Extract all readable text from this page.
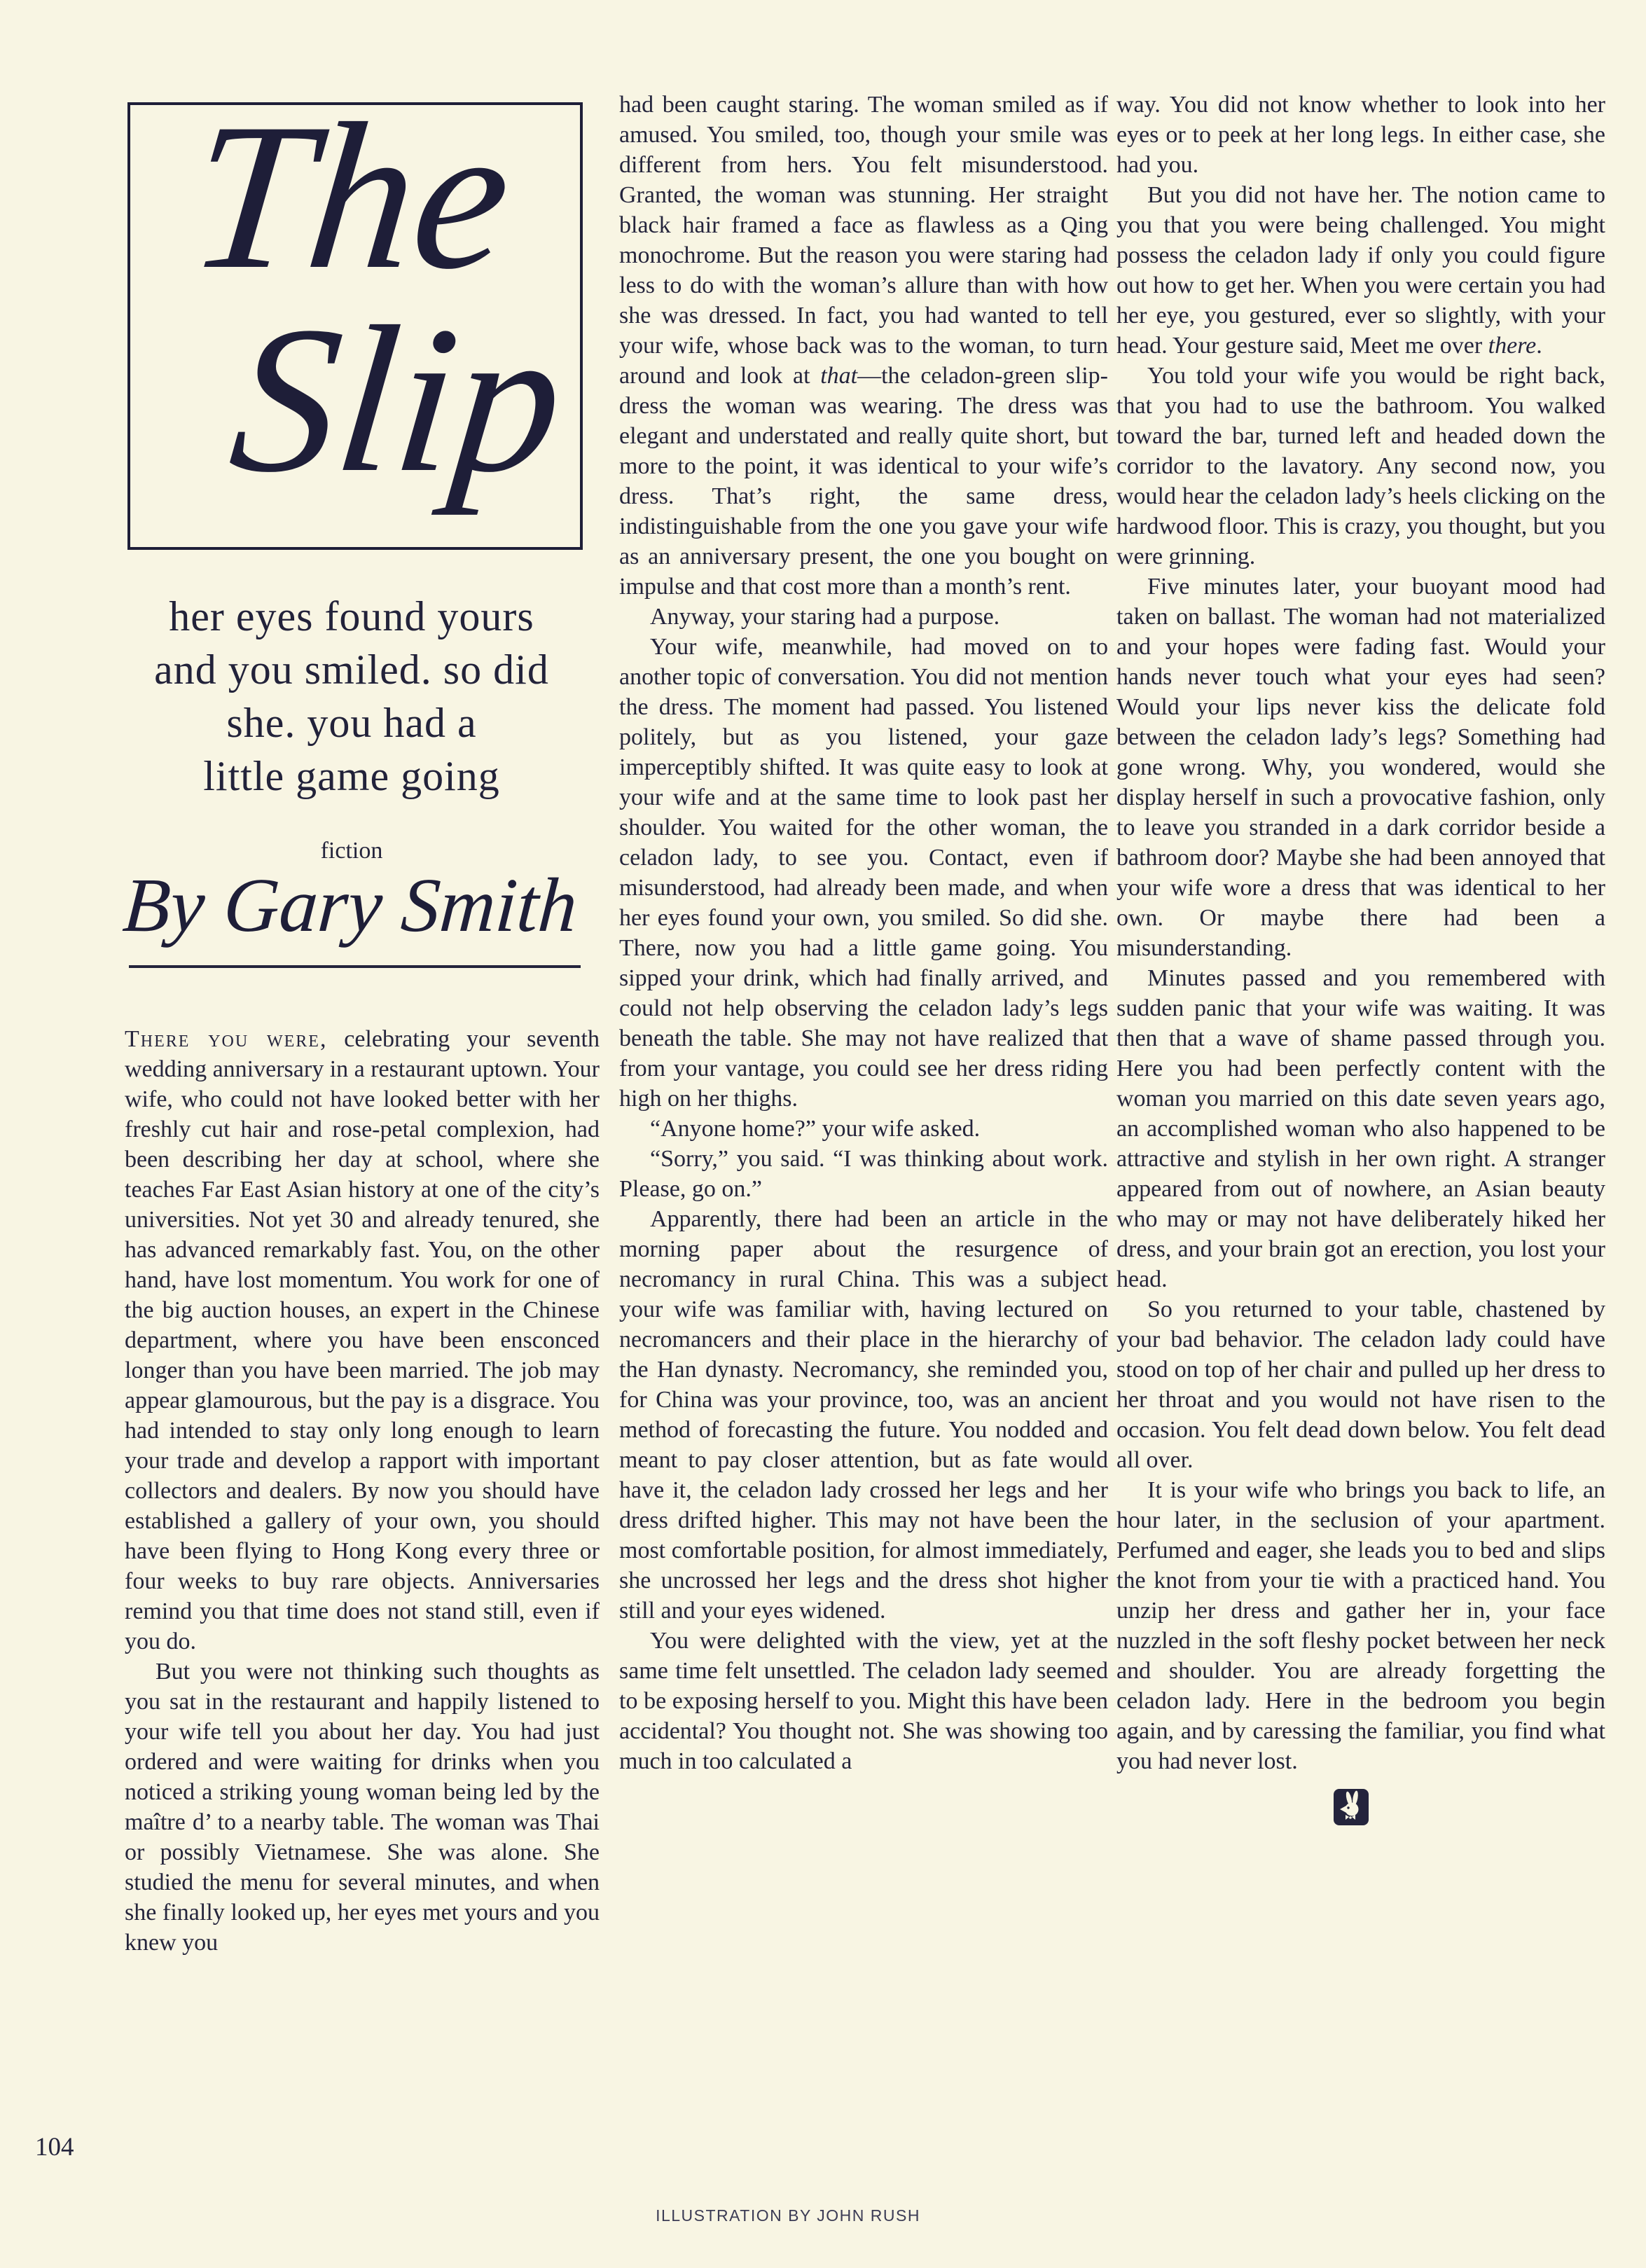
The
Slip
her eyes found yours
and you smiled. so did
she. you had a
little game going
fiction
By Gary Smith

There you were, celebrating your seventh wedding anniversary in a restaurant uptown. Your wife, who could not have looked better with her freshly cut hair and rose-petal complexion, had been describing her day at school, where she teaches Far East Asian history at one of the city’s universities. Not yet 30 and already tenured, she has advanced remarkably fast. You, on the other hand, have lost momentum. You work for one of the big auction houses, an expert in the Chinese department, where you have been ensconced longer than you have been married. The job may appear glamourous, but the pay is a disgrace. You had intended to stay only long enough to learn your trade and develop a rapport with important collectors and dealers. By now you should have established a gallery of your own, you should have been flying to Hong Kong every three or four weeks to buy rare objects. Anniversaries remind you that time does not stand still, even if you do.

But you were not thinking such thoughts as you sat in the restaurant and happily listened to your wife tell you about her day. You had just ordered and were waiting for drinks when you noticed a striking young woman being led by the maître d’ to a nearby table. The woman was Thai or possibly Vietnamese. She was alone. She studied the menu for several minutes, and when she finally looked up, her eyes met yours and you knew you

had been caught staring. The woman smiled as if amused. You smiled, too, though your smile was different from hers. You felt misunderstood. Granted, the woman was stunning. Her straight black hair framed a face as flawless as a Qing monochrome. But the reason you were staring had less to do with the woman’s allure than with how she was dressed. In fact, you had wanted to tell your wife, whose back was to the woman, to turn around and look at that—the celadon-green slip-dress the woman was wearing. The dress was elegant and understated and really quite short, but more to the point, it was identical to your wife’s dress. That’s right, the same dress, indistinguishable from the one you gave your wife as an anniversary present, the one you bought on impulse and that cost more than a month’s rent.

Anyway, your staring had a purpose.

Your wife, meanwhile, had moved on to another topic of conversation. You did not mention the dress. The moment had passed. You listened politely, but as you listened, your gaze imperceptibly shifted. It was quite easy to look at your wife and at the same time to look past her shoulder. You waited for the other woman, the celadon lady, to see you. Contact, even if misunderstood, had already been made, and when her eyes found your own, you smiled. So did she. There, now you had a little game going. You sipped your drink, which had finally arrived, and could not help observing the celadon lady’s legs beneath the table. She may not have realized that from your vantage, you could see her dress riding high on her thighs.

“Anyone home?” your wife asked.

“Sorry,” you said. “I was thinking about work. Please, go on.”

Apparently, there had been an article in the morning paper about the resurgence of necromancy in rural China. This was a subject your wife was familiar with, having lectured on necromancers and their place in the hierarchy of the Han dynasty. Necromancy, she reminded you, for China was your province, too, was an ancient method of forecasting the future. You nodded and meant to pay closer attention, but as fate would have it, the celadon lady crossed her legs and her dress drifted higher. This may not have been the most comfortable position, for almost immediately, she uncrossed her legs and the dress shot higher still and your eyes widened.

You were delighted with the view, yet at the same time felt unsettled. The celadon lady seemed to be exposing herself to you. Might this have been accidental? You thought not. She was showing too much in too calculated a

way. You did not know whether to look into her eyes or to peek at her long legs. In either case, she had you.

But you did not have her. The notion came to you that you were being challenged. You might possess the celadon lady if only you could figure out how to get her. When you were certain you had her eye, you gestured, ever so slightly, with your head. Your gesture said, Meet me over there.

You told your wife you would be right back, that you had to use the bathroom. You walked toward the bar, turned left and headed down the corridor to the lavatory. Any second now, you would hear the celadon lady’s heels clicking on the hardwood floor. This is crazy, you thought, but you were grinning.

Five minutes later, your buoyant mood had taken on ballast. The woman had not materialized and your hopes were fading fast. Would your hands never touch what your eyes had seen? Would your lips never kiss the delicate fold between the celadon lady’s legs? Something had gone wrong. Why, you wondered, would she display herself in such a provocative fashion, only to leave you stranded in a dark corridor beside a bathroom door? Maybe she had been annoyed that your wife wore a dress that was identical to her own. Or maybe there had been a misunderstanding.

Minutes passed and you remembered with sudden panic that your wife was waiting. It was then that a wave of shame passed through you. Here you had been perfectly content with the woman you married on this date seven years ago, an accomplished woman who also happened to be attractive and stylish in her own right. A stranger appeared from out of nowhere, an Asian beauty who may or may not have deliberately hiked her dress, and your brain got an erection, you lost your head.

So you returned to your table, chastened by your bad behavior. The celadon lady could have stood on top of her chair and pulled up her dress to her throat and you would not have risen to the occasion. You felt dead down below. You felt dead all over.

It is your wife who brings you back to life, an hour later, in the seclusion of your apartment. Perfumed and eager, she leads you to bed and slips the knot from your tie with a practiced hand. You unzip her dress and gather her in, your face nuzzled in the soft fleshy pocket between her neck and shoulder. You are already forgetting the celadon lady. Here in the bedroom you begin again, and by caressing the familiar, you find what you had never lost.

104
ILLUSTRATION BY JOHN RUSH
